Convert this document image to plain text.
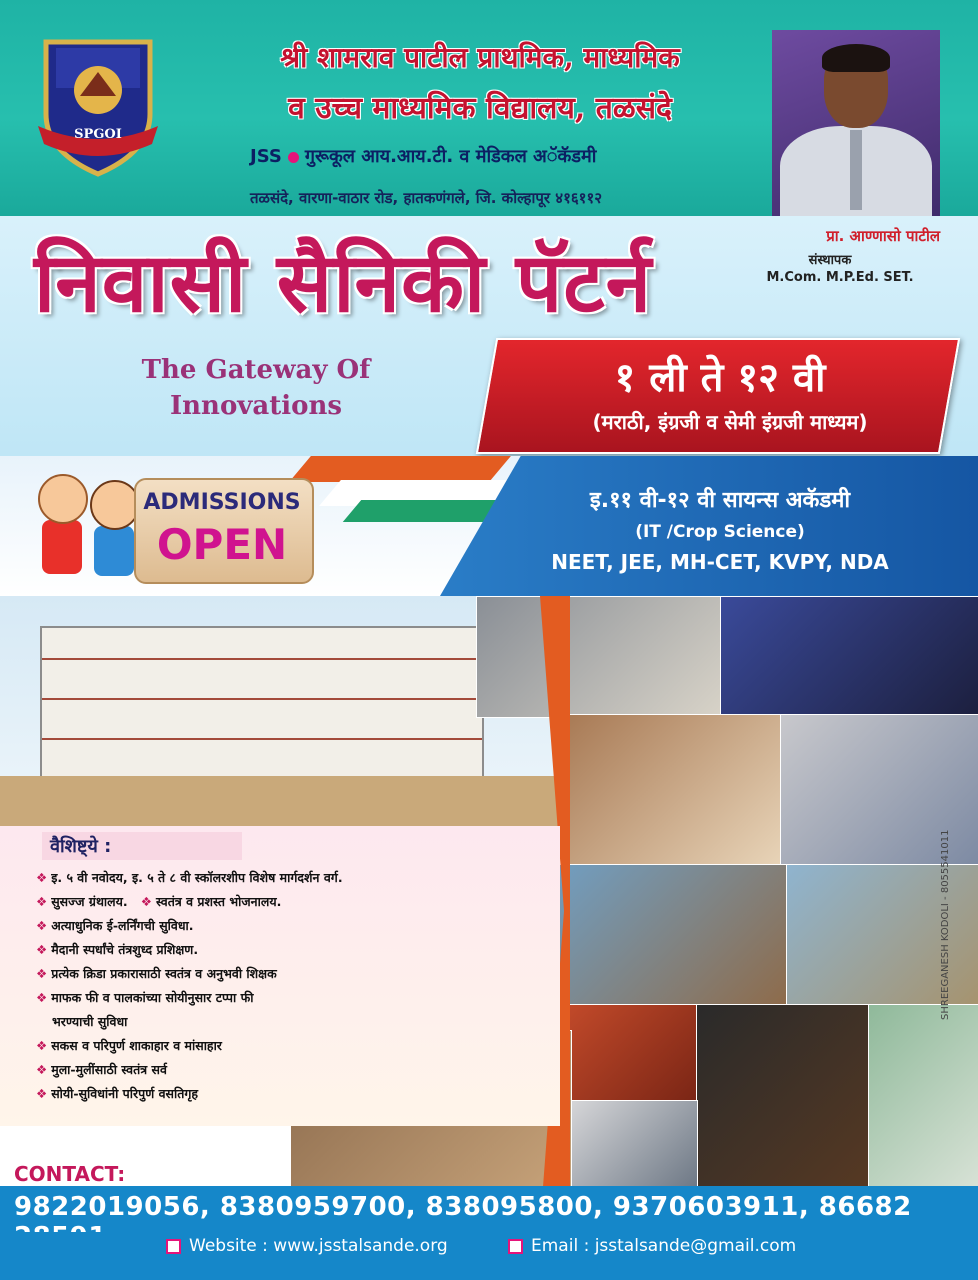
SPGOI
श्री शामराव पाटील प्राथमिक, माध्यमिक
व उच्च माध्यमिक विद्यालय, तळसंदे
JSS गुरूकूल आय.आय.टी. व मेडिकल अॅकॅडमी
तळसंदे, वारणा-वाठार रोड, हातकणंगले, जि. कोल्हापूर ४१६११२
निवासी सैनिकी पॅटर्न	प्रा. आण्णासो पाटील
संस्थापक
M.Com. M.P.Ed. SET.
The Gateway Of
Innovations
१ ली ते १२ वी
(मराठी, इंग्रजी व सेमी इंग्रजी माध्यम)
इ.११ वी-१२ वी सायन्स अकॅडमी
(IT /Crop Science)
NEET, JEE, MH-CET, KVPY, NDA
ADMISSIONS
OPEN
वैशिष्ट्ये :
❖ इ. ५ वी नवोदय, इ. ५ ते ८ वी स्कॉलरशीप विशेष मार्गदर्शन वर्ग.
❖ सुसज्ज ग्रंथालय. ❖ स्वतंत्र व प्रशस्त भोजनालय.
❖ अत्याधुनिक ई-लर्निंगची सुविधा.
❖ मैदानी स्पर्धांचे तंत्रशुध्द प्रशिक्षण.
❖ प्रत्येक क्रिडा प्रकारासाठी स्वतंत्र व अनुभवी शिक्षक
❖ माफक फी व पालकांच्या सोयीनुसार टप्पा फी
भरण्याची सुविधा
❖ सकस व परिपुर्ण शाकाहार व मांसाहार
❖ मुला-मुलींसाठी स्वतंत्र सर्व
❖ सोयी-सुविधांनी परिपुर्ण वसतिगृह
CONTACT:
9822019056, 8380959700, 838095800, 9370603911, 86682
Website : www.jsstalsande.org	Email : jsstalsande@gmail.com
SHREEGANESH KODOLI - 8055541011
